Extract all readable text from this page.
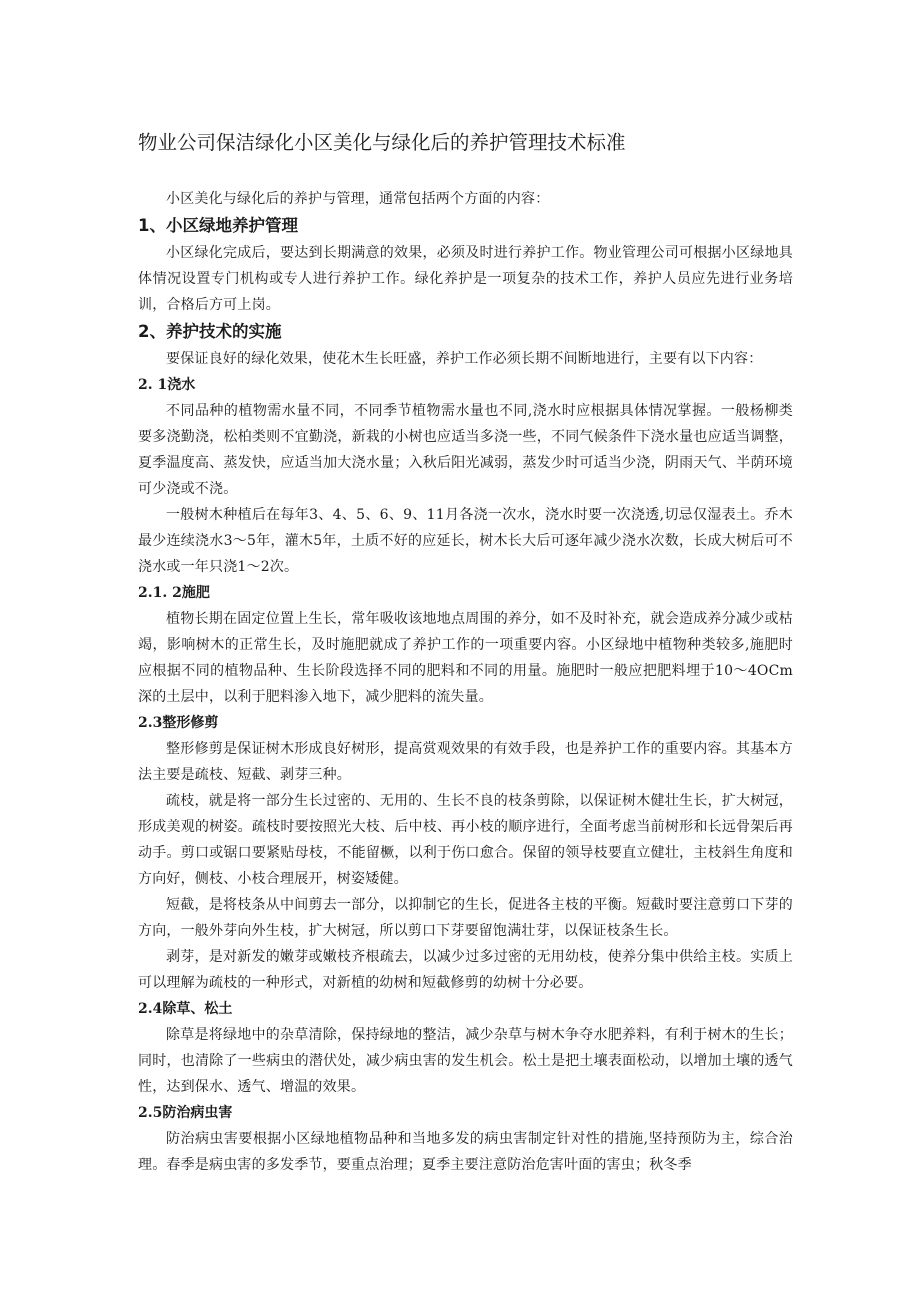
物业公司保洁绿化小区美化与绿化后的养护管理技术标准

小区美化与绿化后的养护与管理，通常包括两个方面的内容：

1、小区绿地养护管理

小区绿化完成后，要达到长期满意的效果，必须及时进行养护工作。物业管理公司可根据小区绿地具体情况设置专门机构或专人进行养护工作。绿化养护是一项复杂的技术工作，养护人员应先进行业务培训，合格后方可上岗。

2、养护技术的实施

要保证良好的绿化效果，使花木生长旺盛，养护工作必须长期不间断地进行，主要有以下内容：

2. 1浇水

不同品种的植物需水量不同，不同季节植物需水量也不同,浇水时应根据具体情况掌握。一般杨柳类要多浇勤浇，松柏类则不宜勤浇，新栽的小树也应适当多浇一些，不同气候条件下浇水量也应适当调整，夏季温度高、蒸发快，应适当加大浇水量；入秋后阳光减弱，蒸发少时可适当少浇，阴雨天气、半荫环境可少浇或不浇。

一般树木种植后在每年3、4、5、6、9、11月各浇一次水，浇水时要一次浇透,切忌仅湿表土。乔木最少连续浇水3～5年，灌木5年，土质不好的应延长，树木长大后可逐年减少浇水次数，长成大树后可不浇水或一年只浇1～2次。

2.1. 2施肥

植物长期在固定位置上生长，常年吸收该地地点周围的养分，如不及时补充，就会造成养分减少或枯竭，影响树木的正常生长，及时施肥就成了养护工作的一项重要内容。小区绿地中植物种类较多,施肥时应根据不同的植物品种、生长阶段选择不同的肥料和不同的用量。施肥时一般应把肥料埋于10～4OCm深的土层中，以利于肥料渗入地下，减少肥料的流失量。

2.3整形修剪

整形修剪是保证树木形成良好树形，提高赏观效果的有效手段，也是养护工作的重要内容。其基本方法主要是疏枝、短截、剥芽三种。

疏枝，就是将一部分生长过密的、无用的、生长不良的枝条剪除，以保证树木健壮生长，扩大树冠，形成美观的树姿。疏枝时要按照光大枝、后中枝、再小枝的顺序进行，全面考虑当前树形和长远骨架后再动手。剪口或锯口要紧贴母枝，不能留橛，以利于伤口愈合。保留的领导枝要直立健壮，主枝斜生角度和方向好，侧枝、小枝合理展开，树姿矮健。

短截，是将枝条从中间剪去一部分，以抑制它的生长，促进各主枝的平衡。短截时要注意剪口下芽的方向，一般外芽向外生枝，扩大树冠，所以剪口下芽要留饱满壮芽，以保证枝条生长。

剥芽，是对新发的嫩芽或嫩枝齐根疏去，以减少过多过密的无用幼枝，使养分集中供给主枝。实质上可以理解为疏枝的一种形式，对新植的幼树和短截修剪的幼树十分必要。

2.4除草、松土

除草是将绿地中的杂草清除，保持绿地的整洁，减少杂草与树木争夺水肥养料，有利于树木的生长；同时，也清除了一些病虫的潜伏处，减少病虫害的发生机会。松土是把土壤表面松动，以增加土壤的透气性，达到保水、透气、增温的效果。

2.5防治病虫害

防治病虫害要根据小区绿地植物品种和当地多发的病虫害制定针对性的措施,坚持预防为主，综合治理。春季是病虫害的多发季节，要重点治理；夏季主要注意防治危害叶面的害虫；秋冬季
